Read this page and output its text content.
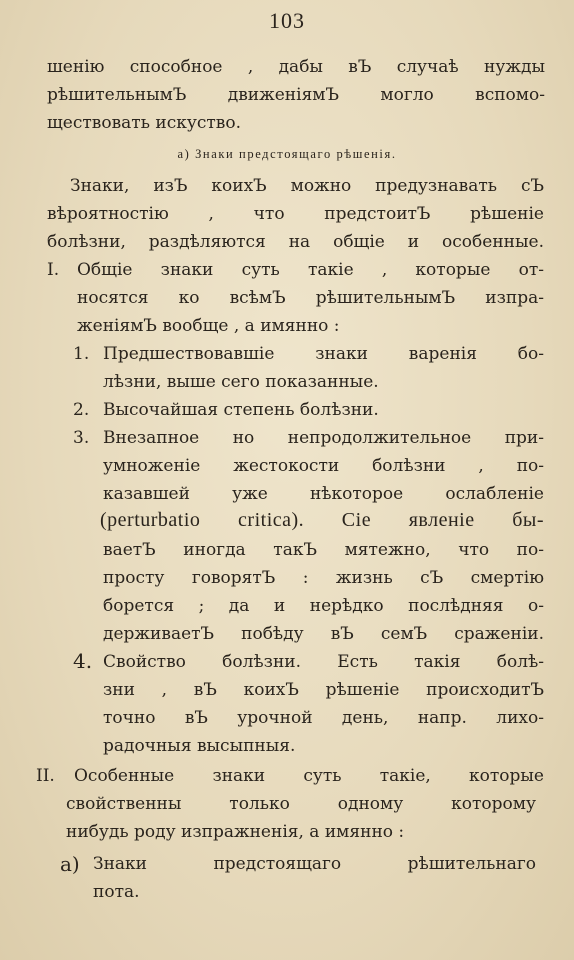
103
шенію способное , дабы вЪ случаѣ нужды
рѣшительнымЪ движеніямЪ могло вспомо-
ществовать искуство.
а) Знаки предстоящаго рѣшенія.
Знаки, изЪ коихЪ можно предузнавать сЪ
вѣроятностію , что предстоитЪ рѣшеніе
болѣзни, раздѣляются на общіе и особенные.
I. Общіе знаки суть такіе , которые от-
носятся ко всѣмЪ рѣшительнымЪ изпра-
женіямЪ вообще , а имянно :
1. Предшествовавшіе знаки варенія бо-
лѣзни, выше сего показанные.
2. Высочайшая степень болѣзни.
3. Внезапное но непродолжительное при-
умноженіе жестокости болѣзни , по-
казавшей уже нѣкоторое ослабленіе
(perturbatio critica). Сіе явленіе бы-
ваетЪ иногда такЪ мятежно, что по-
просту говорятЪ : жизнь сЪ смертію
борется ; да и нерѣдко послѣдняя о-
держиваетЪ побѣду вЪ семЪ сраженіи.
4. Свойство болѣзни. Есть такія болѣ-
зни , вЪ коихЪ рѣшеніе происходитЪ
точно вЪ урочной день, напр. лихо-
радочныя высыпныя.
II. Особенные знаки суть такіе, которые
свойственны только одному которому
нибудь роду изпражненія, а имянно :
а) Знаки предстоящаго рѣшительнаго
пота.
